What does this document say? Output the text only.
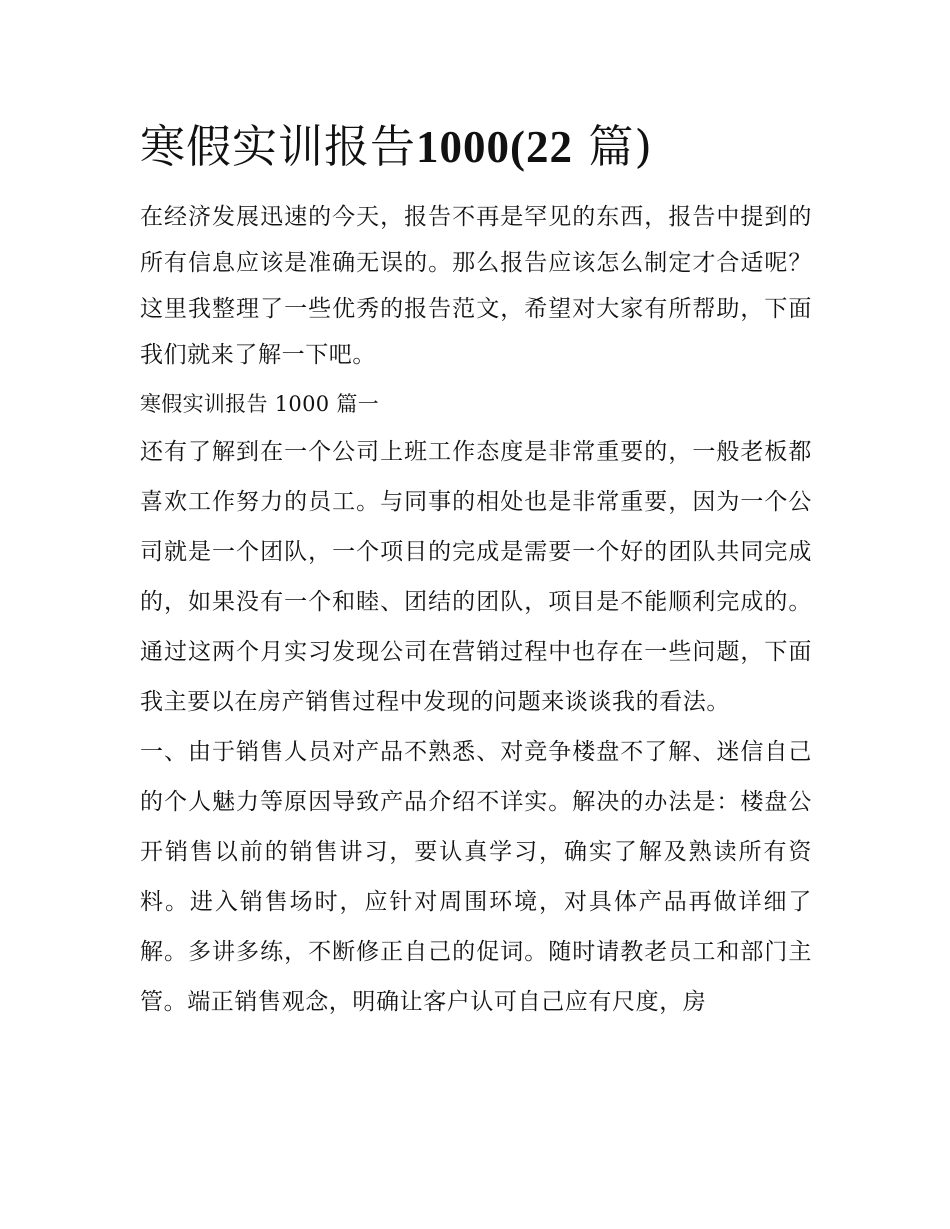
寒假实训报告1000(22 篇)

在经济发展迅速的今天，报告不再是罕见的东西，报告中提到的所有信息应该是准确无误的。那么报告应该怎么制定才合适呢？这里我整理了一些优秀的报告范文，希望对大家有所帮助，下面我们就来了解一下吧。

寒假实训报告 1000 篇一

还有了解到在一个公司上班工作态度是非常重要的，一般老板都喜欢工作努力的员工。与同事的相处也是非常重要，因为一个公司就是一个团队，一个项目的完成是需要一个好的团队共同完成的，如果没有一个和睦、团结的团队，项目是不能顺利完成的。通过这两个月实习发现公司在营销过程中也存在一些问题，下面我主要以在房产销售过程中发现的问题来谈谈我的看法。

一、由于销售人员对产品不熟悉、对竞争楼盘不了解、迷信自己的个人魅力等原因导致产品介绍不详实。解决的办法是：楼盘公开销售以前的销售讲习，要认真学习，确实了解及熟读所有资料。进入销售场时，应针对周围环境，对具体产品再做详细了解。多讲多练，不断修正自己的促词。随时请教老员工和部门主管。端正销售观念，明确让客户认可自己应有尺度，房
